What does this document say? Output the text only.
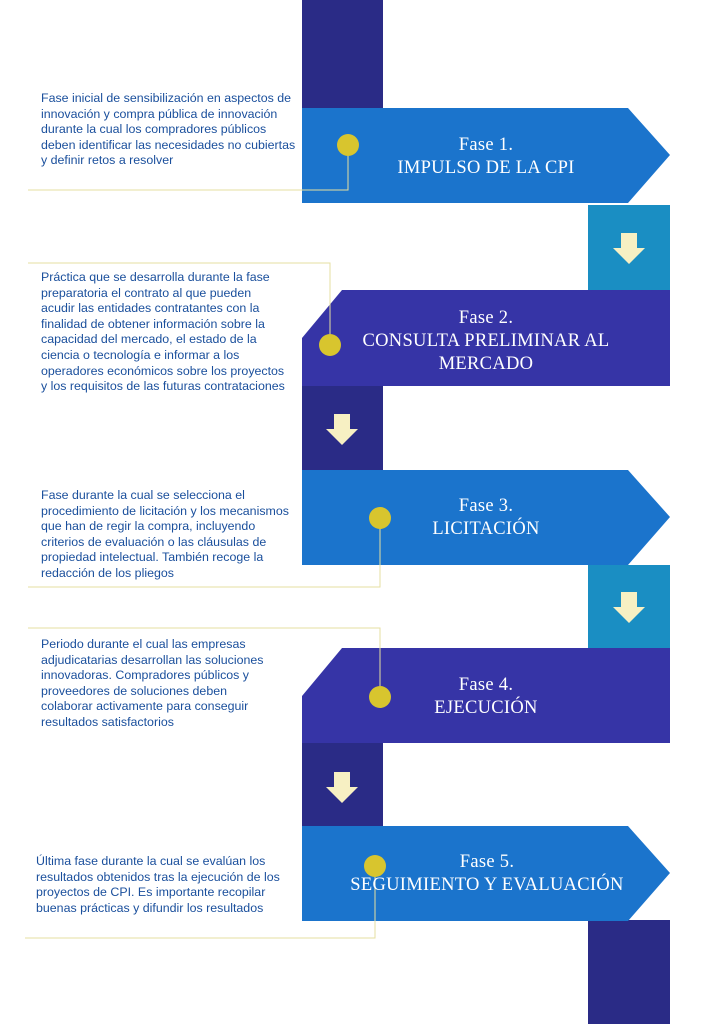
Fase inicial de sensibilización en aspectos de innovación y compra pública de innovación durante la cual los compradores públicos deben identificar las necesidades no cubiertas y definir retos a resolver

Fase 1.
IMPULSO DE LA CPI

Práctica que se desarrolla durante la fase preparatoria el contrato al que pueden acudir las entidades contratantes con la finalidad de obtener información sobre la capacidad del mercado, el estado de la ciencia o tecnología e informar a los operadores económicos sobre los proyectos y los requisitos de las futuras contrataciones

Fase 2.
CONSULTA PRELIMINAR AL MERCADO

Fase durante la cual se selecciona el procedimiento de licitación y los mecanismos que han de regir la compra, incluyendo criterios de evaluación o las cláusulas de propiedad intelectual. También recoge la redacción de los pliegos

Fase 3.
LICITACIÓN

Periodo durante el cual las empresas adjudicatarias desarrollan las soluciones innovadoras. Compradores públicos y proveedores de soluciones deben colaborar activamente para conseguir resultados satisfactorios

Fase 4.
EJECUCIÓN

Última fase durante la cual se evalúan los resultados obtenidos tras la ejecución de los proyectos de CPI. Es importante recopilar buenas prácticas y difundir los resultados

Fase 5.
SEGUIMIENTO Y EVALUACIÓN
